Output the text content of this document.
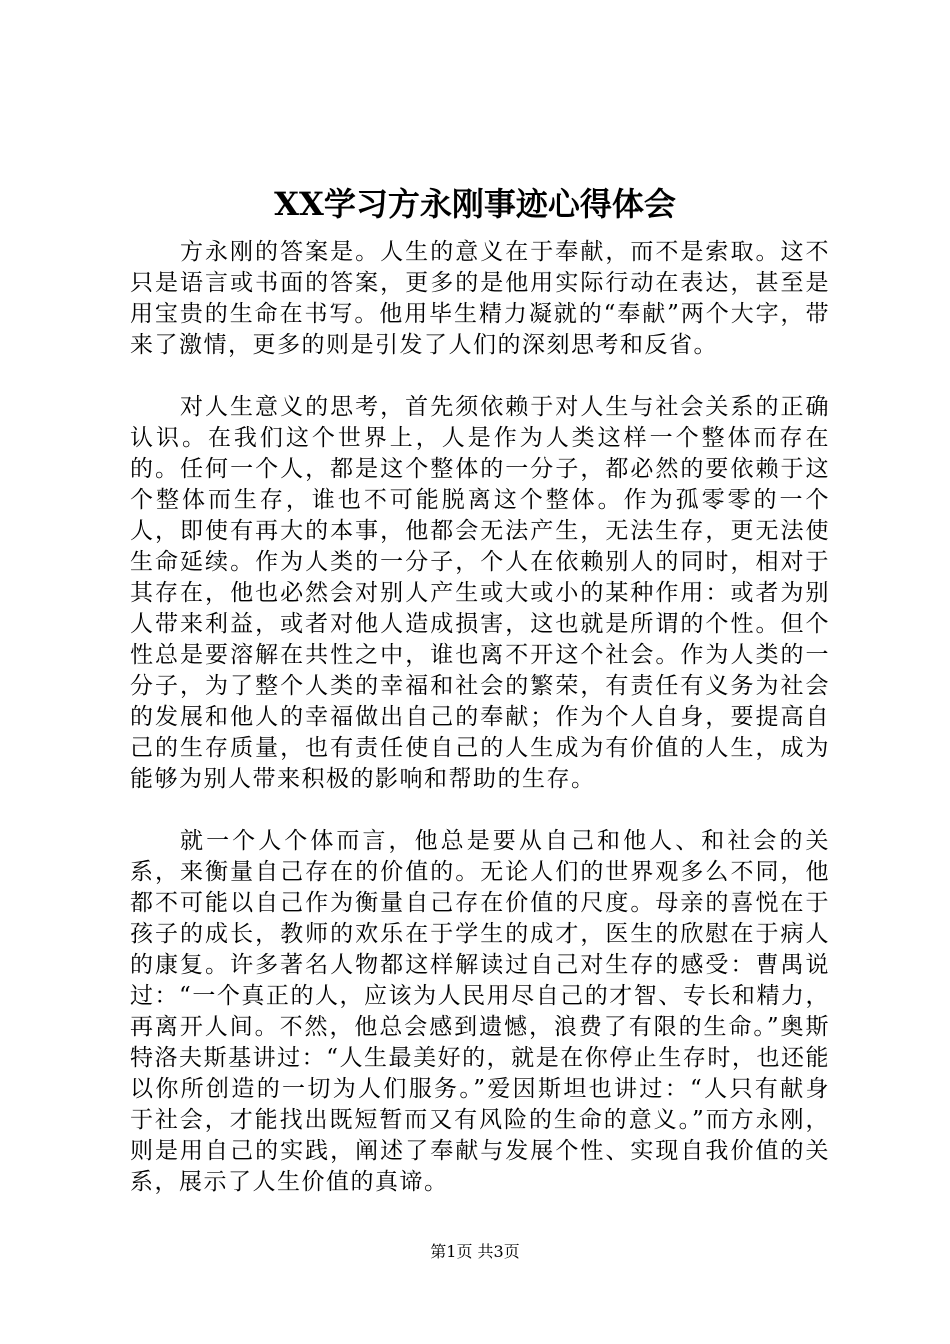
XX学习方永刚事迹心得体会

方永刚的答案是。人生的意义在于奉献，而不是索取。这不只是语言或书面的答案，更多的是他用实际行动在表达，甚至是用宝贵的生命在书写。他用毕生精力凝就的“奉献”两个大字，带来了激情，更多的则是引发了人们的深刻思考和反省。

对人生意义的思考，首先须依赖于对人生与社会关系的正确认识。在我们这个世界上，人是作为人类这样一个整体而存在的。任何一个人，都是这个整体的一分子，都必然的要依赖于这个整体而生存，谁也不可能脱离这个整体。作为孤零零的一个人，即使有再大的本事，他都会无法产生，无法生存，更无法使生命延续。作为人类的一分子，个人在依赖别人的同时，相对于其存在，他也必然会对别人产生或大或小的某种作用：或者为别人带来利益，或者对他人造成损害，这也就是所谓的个性。但个性总是要溶解在共性之中，谁也离不开这个社会。作为人类的一分子，为了整个人类的幸福和社会的繁荣，有责任有义务为社会的发展和他人的幸福做出自己的奉献；作为个人自身，要提高自己的生存质量，也有责任使自己的人生成为有价值的人生，成为能够为别人带来积极的影响和帮助的生存。

就一个人个体而言，他总是要从自己和他人、和社会的关系，来衡量自己存在的价值的。无论人们的世界观多么不同，他都不可能以自己作为衡量自己存在价值的尺度。母亲的喜悦在于孩子的成长，教师的欢乐在于学生的成才，医生的欣慰在于病人的康复。许多著名人物都这样解读过自己对生存的感受：曹禺说过：“一个真正的人，应该为人民用尽自己的才智、专长和精力，再离开人间。不然，他总会感到遗憾，浪费了有限的生命。”奥斯特洛夫斯基讲过：“人生最美好的，就是在你停止生存时，也还能以你所创造的一切为人们服务。”爱因斯坦也讲过：“人只有献身于社会，才能找出既短暂而又有风险的生命的意义。”而方永刚，则是用自己的实践，阐述了奉献与发展个性、实现自我价值的关系，展示了人生价值的真谛。

第1页 共3页
